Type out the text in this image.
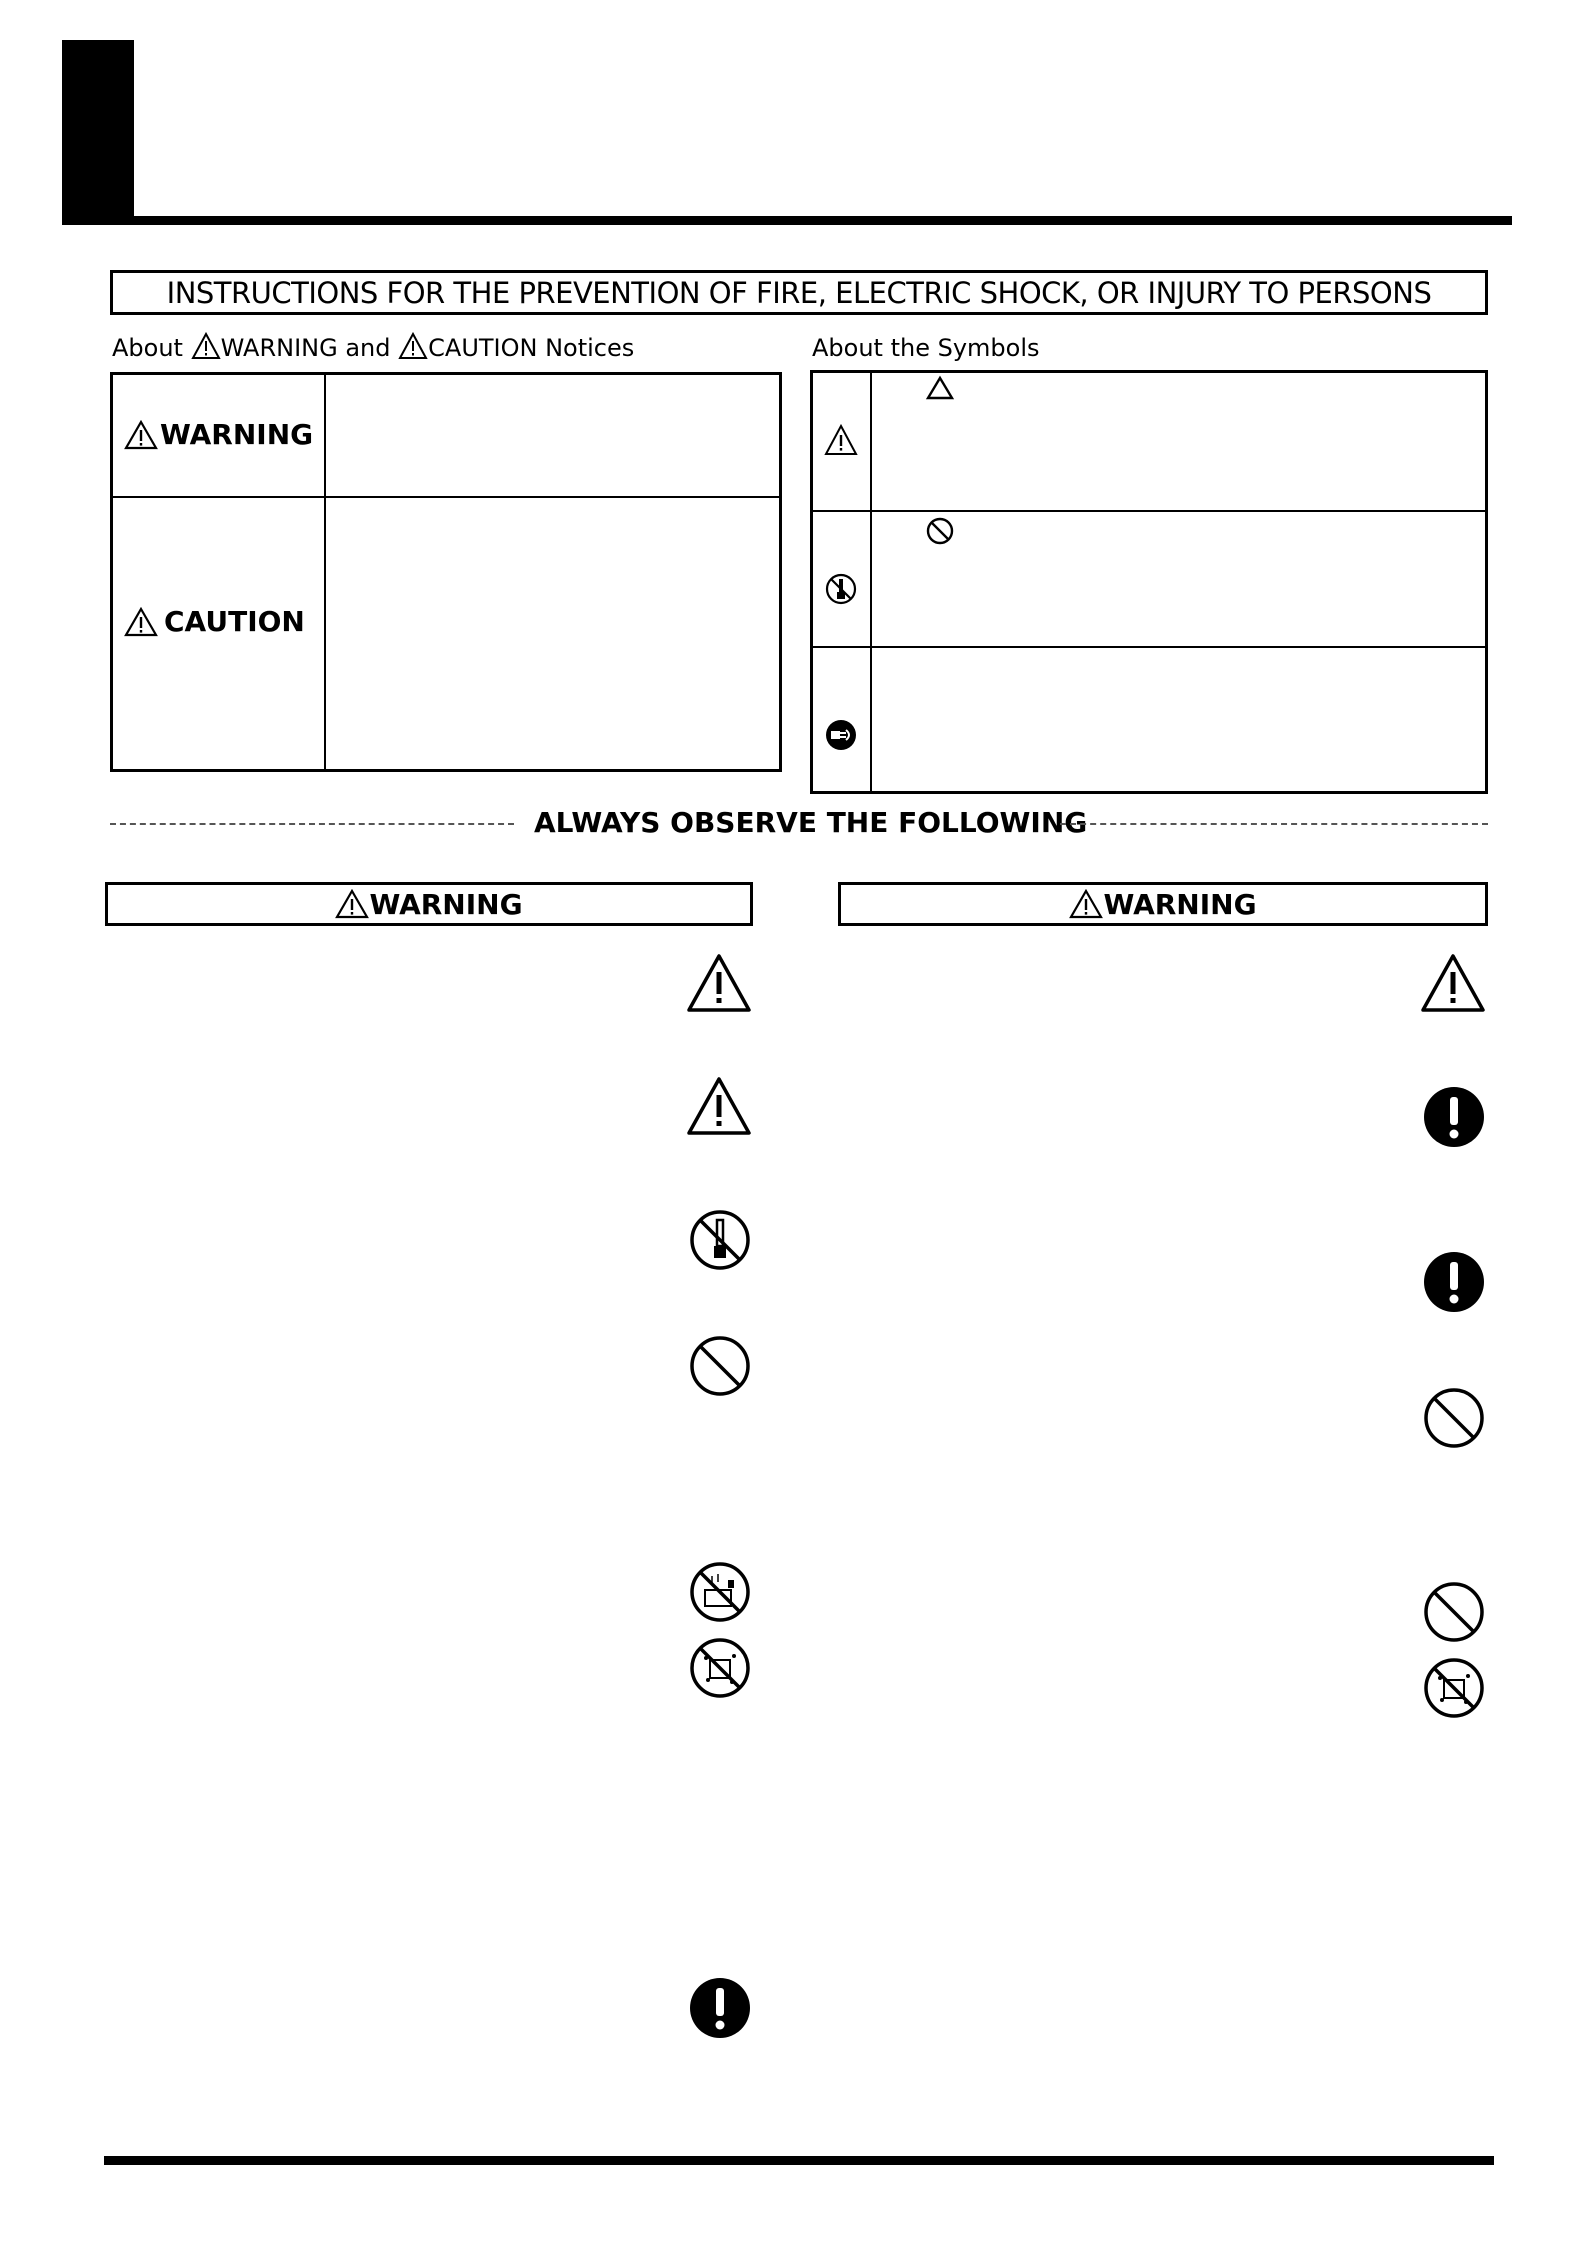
INSTRUCTIONS FOR THE PREVENTION OF FIRE, ELECTRIC SHOCK, OR INJURY TO PERSONS
About WARNING and CAUTION Notices
WARNING
CAUTION
About the Symbols
ALWAYS OBSERVE THE FOLLOWING
WARNING	WARNING
